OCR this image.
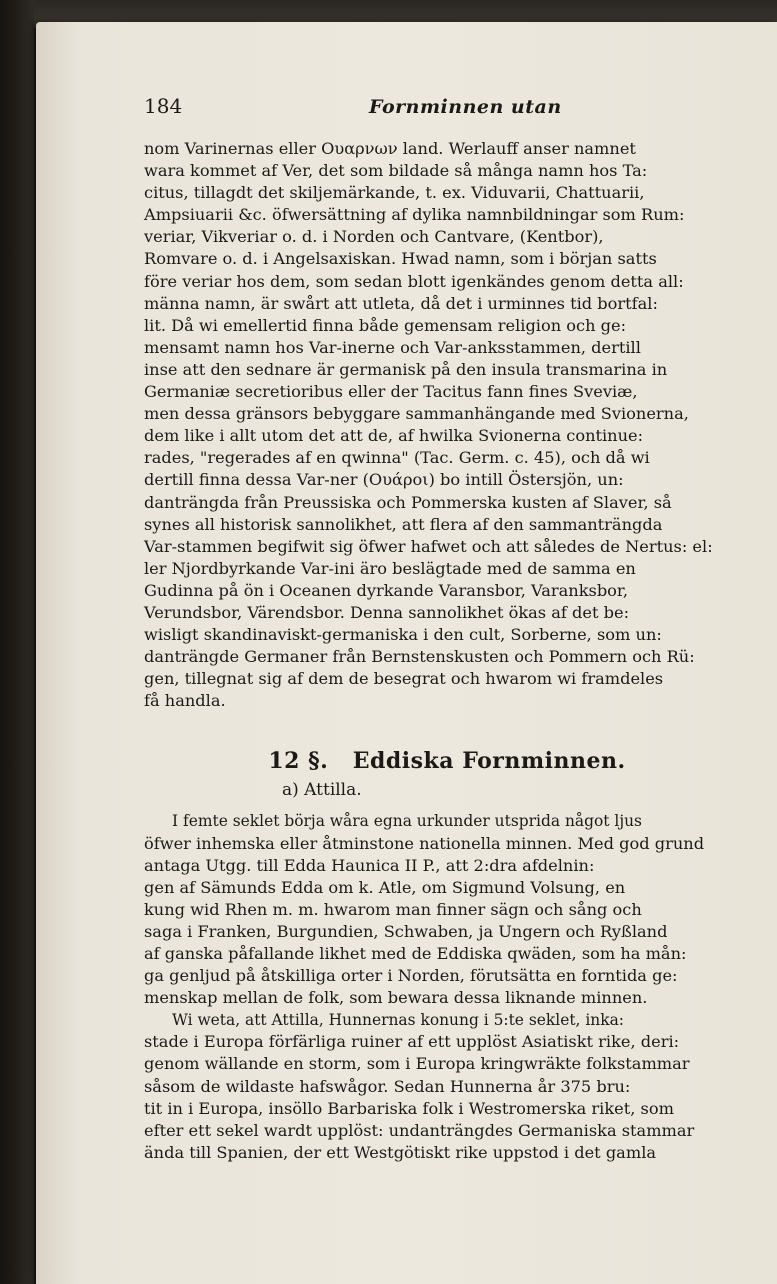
184	Fornminnen utan

nom Varinernas eller Ουαρνων land. Werlauff anser namnet
wara kommet af Ver, det som bildade så många namn hos Ta:
citus, tillagdt det skiljemärkande, t. ex. Viduvarii, Chattuarii,
Ampsiuarii &c. öfwersättning af dylika namnbildningar som Rum:
veriar, Vikveriar o. d. i Norden och Cantvare, (Kentbor),
Romvare o. d. i Angelsaxiskan. Hwad namn, som i början satts
före veriar hos dem, som sedan blott igenkändes genom detta all:
männa namn, är swårt att utleta, då det i urminnes tid bortfal:
lit. Då wi emellertid finna både gemensam religion och ge:
mensamt namn hos Var-inerne och Var-anksstammen, dertill
inse att den sednare är germanisk på den insula transmarina in
Germaniæ secretioribus eller der Tacitus fann fines Sveviæ,
men dessa gränsors bebyggare sammanhängande med Svionerna,
dem like i allt utom det att de, af hwilka Svionerna continue:
rades, "regerades af en qwinna" (Tac. Germ. c. 45), och då wi
dertill finna dessa Var-ner (Ουάροι) bo intill Östersjön, un:
danträngda från Preussiska och Pommerska kusten af Slaver, så
synes all historisk sannolikhet, att flera af den sammanträngda
Var-stammen begifwit sig öfwer hafwet och att således de Nertus: el:
ler Njordbyrkande Var-ini äro beslägtade med de samma en
Gudinna på ön i Oceanen dyrkande Varansbor, Varanksbor,
Verundsbor, Värendsbor. Denna sannolikhet ökas af det be:
wisligt skandinaviskt-germaniska i den cult, Sorberne, som un:
danträngde Germaner från Bernstenskusten och Pommern och Rü:
gen, tillegnat sig af dem de besegrat och hwarom wi framdeles
få handla.

12 §. Eddiska Fornminnen.
a) Attilla.

I femte seklet börja wåra egna urkunder utsprida något ljus
öfwer inhemska eller åtminstone nationella minnen. Med god grund
antaga Utgg. till Edda Haunica II P., att 2:dra afdelnin:
gen af Sämunds Edda om k. Atle, om Sigmund Volsung, en
kung wid Rhen m. m. hwarom man finner sägn och sång och
saga i Franken, Burgundien, Schwaben, ja Ungern och Ryßland
af ganska påfallande likhet med de Eddiska qwäden, som ha mån:
ga genljud på åtskilliga orter i Norden, förutsätta en forntida ge:
menskap mellan de folk, som bewara dessa liknande minnen.

Wi weta, att Attilla, Hunnernas konung i 5:te seklet, inka:
stade i Europa förfärliga ruiner af ett upplöst Asiatiskt rike, deri:
genom wällande en storm, som i Europa kringwräkte folkstammar
såsom de wildaste hafswågor. Sedan Hunnerna år 375 bru:
tit in i Europa, insöllo Barbariska folk i Westromerska riket, som
efter ett sekel wardt upplöst: undanträngdes Germaniska stammar
ända till Spanien, der ett Westgötiskt rike uppstod i det gamla
